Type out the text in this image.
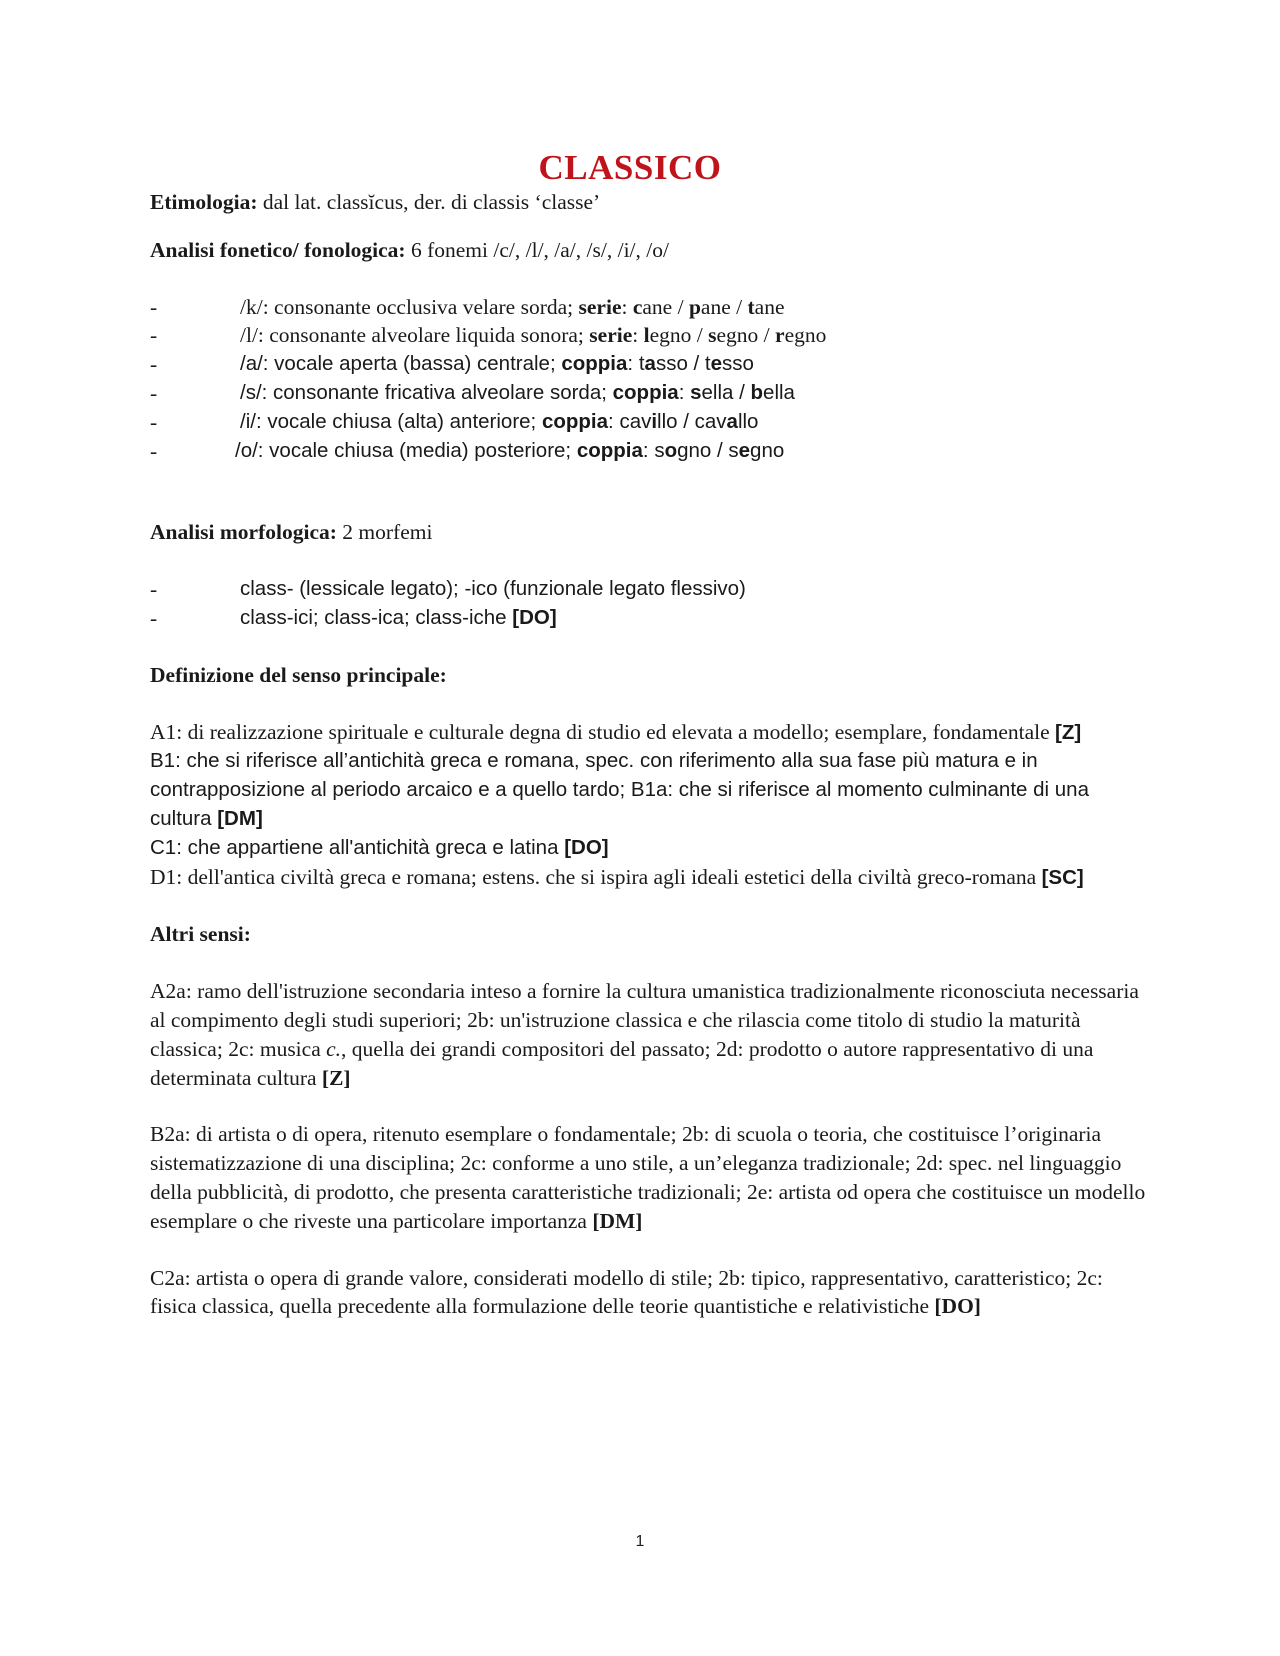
CLASSICO

Etimologia: dal lat. classĭcus, der. di classis ‘classe’

Analisi fonetico/ fonologica: 6 fonemi /c/, /l/, /a/, /s/, /i/, /o/

-	/k/: consonante occlusiva velare sorda; serie: cane / pane / tane
-	/l/: consonante alveolare liquida sonora; serie: legno / segno / regno
-	/a/: vocale aperta (bassa) centrale; coppia: tasso / tesso
-	/s/: consonante fricativa alveolare sorda; coppia: sella / bella
-	/i/: vocale chiusa (alta) anteriore; coppia: cavillo / cavallo
-	/o/: vocale chiusa (media) posteriore; coppia: sogno / segno

Analisi morfologica: 2 morfemi

-	class- (lessicale legato); -ico (funzionale legato flessivo)
-	class-ici; class-ica; class-iche [DO]

Definizione del senso principale:

A1: di realizzazione spirituale e culturale degna di studio ed elevata a modello; esemplare, fondamentale [Z]

B1: che si riferisce all’antichità greca e romana, spec. con riferimento alla sua fase più matura e in contrapposizione al periodo arcaico e a quello tardo; B1a: che si riferisce al momento culminante di una cultura [DM]

C1: che appartiene all'antichità greca e latina [DO]

D1: dell'antica civiltà greca e romana; estens. che si ispira agli ideali estetici della civiltà greco-romana [SC]

Altri sensi:

A2a: ramo dell'istruzione secondaria inteso a fornire la cultura umanistica tradizionalmente riconosciuta necessaria al compimento degli studi superiori; 2b: un'istruzione classica e che rilascia come titolo di studio la maturità classica; 2c: musica c., quella dei grandi compositori del passato; 2d: prodotto o autore rappresentativo di una determinata cultura [Z]

B2a: di artista o di opera, ritenuto esemplare o fondamentale; 2b: di scuola o teoria, che costituisce l’originaria sistematizzazione di una disciplina; 2c: conforme a uno stile, a un’eleganza tradizionale; 2d: spec. nel linguaggio della pubblicità, di prodotto, che presenta caratteristiche tradizionali; 2e: artista od opera che costituisce un modello esemplare o che riveste una particolare importanza [DM]

C2a: artista o opera di grande valore, considerati modello di stile; 2b: tipico, rappresentativo, caratteristico; 2c: fisica classica, quella precedente alla formulazione delle teorie quantistiche e relativistiche [DO]

1
